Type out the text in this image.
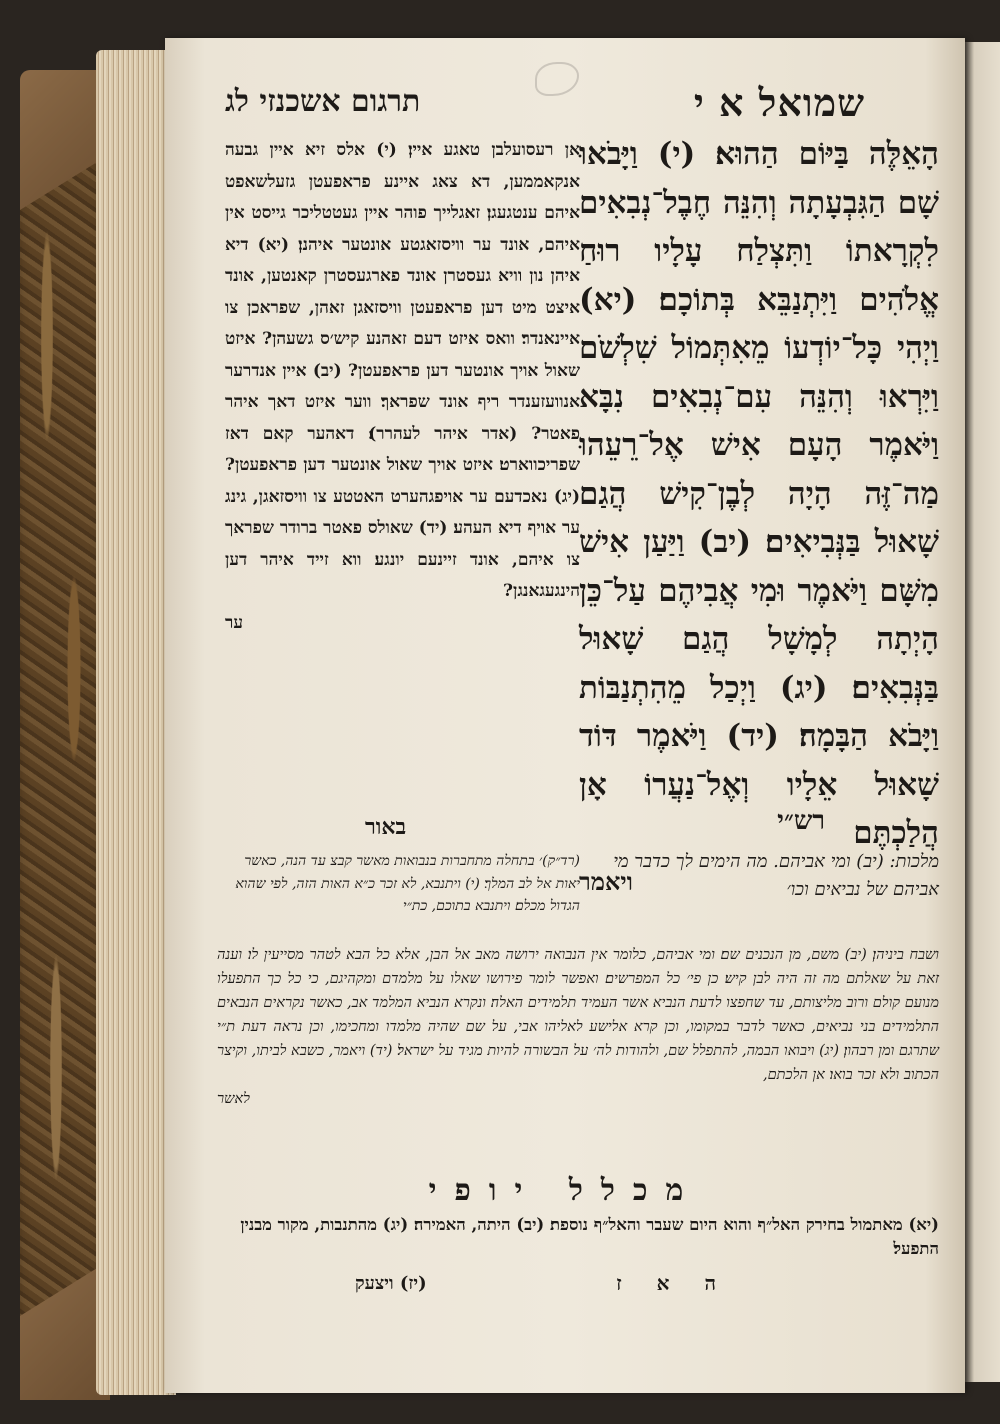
שמואל א י
תרגום אשכנזי לג
הָאֵלֶּה בַּיּוֹם הַהוּא׃ (י) וַיָּבֹאוּ שָׁם הַגִּבְעָתָה וְהִנֵּה חֶבֶל־נְבִאִים לִקְרָאתוֹ וַתִּצְלַח עָלָיו רוּחַ אֱלֹהִים וַיִּתְנַבֵּא בְּתוֹכָם׃ (יא) וַיְהִי כָּל־יוֹדְעוֹ מֵאִתְּמוֹל שִׁלְשֹׁם וַיִּרְאוּ וְהִנֵּה עִם־נְבִאִים נִבָּא וַיֹּאמֶר הָעָם אִישׁ אֶל־רֵעֵהוּ מַה־זֶּה הָיָה לְבֶן־קִישׁ הֲגַם שָׁאוּל בַּנְּבִיאִים׃ (יב) וַיַּעַן אִישׁ מִשָּׁם וַיֹּאמֶר וּמִי אֲבִיהֶם עַל־כֵּן הָיְתָה לְמָשָׁל הֲגַם שָׁאוּל בַּנְּבִאִים׃ (יג) וַיְכַל מֵהִתְנַבּוֹת וַיָּבֹא הַבָּמָה׃ (יד) וַיֹּאמֶר דּוֹד שָׁאוּל אֵלָיו וְאֶל־נַעֲרוֹ אָן הֲלַכְתֶּם
ויאמר
אן רעסועלבן טאגע איין׃ (י) אלס זיא איין גבעה אנקאממען, דא צאג איינע פראפעטן גזעלשאפט איהם ענטגעגן׃ זאגלייך פוהר איין געטטליכר גייסט אין איהם, אונד ער וויסזאגטע אונטער איהנן׃ (יא) דיא איהן נון וויא געסטרן אונד פארגעסטרן קאנטען, אונד איצט מיט דען פראפעטן וויסזאגן זאהן, שפראכן צו איינאנדר׃ וואס איזט דעם זאהנע קיש׳ס גשעהן? איזט שאול אויך אונטער דען פראפעטן? (יב) איין אנדרער אנוועזענדר ריף אונד שפראך׃ ווער איזט דאך איהר פאטר? (אדר איהר לעהרר)׃ דאהער קאם דאז שפריכווארט׃ איזט אויך שאול אונטער דען פראפעטן? (יג) נאכדעם ער אויפגהערט האטטע צו וויסזאגן, גינג ער אויף דיא העהע׃ (יד) שאולס פאטר ברודר שפראך צו איהם, אונד זיינעם יונגע׃ ווא זייד איהר דען הינגעגאנגן?
ער
רש״י
באור
מלכות: (יב) ומי אביהם. מה הימים לך כדבר מי אביהם של נביאים וכו׳
(רד״ק)׳ בתחלה מתחברות בנבואות מאשר קבצ עד הנה, כאשר יאות אל לב המלך׃ (י) ויתנבא, לא זכר כ״א האות הזה, לפי שהוא הגדול מכלם׃ ויתנבא בתוכם, כת״י
ושבח ביניהן׃ (יב) משם, מן הנכנים שם׃ ומי אביהם, כלומר אין הנבואה ירושה מאב אל הבן, אלא כל הבא לטהר מסייעין לו׃ וענה זאת על שאלתם מה זה היה לבן קיש׃ כן פי׳ כל המפרשים׃ ואפשר לומר פירושו שאלו על מלמדם ומקהיגם, כי כל כך התפעלו מנועם קולם ורוב מליצותם, עד שחפצו לדעת הנביא אשר העמיד תלמידים האלה׃ ונקרא הנביא המלמד אב, כאשר נקראים הנבאים התלמידים בני נביאים, כאשר לדבר במקומו, וכן קרא אלישע לאליהו אבי, על שם שהיה מלמדו ומחכימו, וכן נראה דעת ת״י שתרגם ומן רבהון׃ (יג) ויבואו הבמה, להתפלל שם, ולהודות לה׳ על הבשורה להיות מגיד על ישראל׃ (יד) ויאמר, כשבא לביתו, וקיצר הכתוב ולא זכר בואו׃ אן הלכתם,
לאשר
מכלל יופי
(יא) מאתמול בחירק האל״ף והוא היום שעבר והאל״ף נוספת׃ (יב) היתה, האמירה׃ (יג) מהתנבות, מקור מבנין התפעל׃
ה א ז
(יז) ויצעק
